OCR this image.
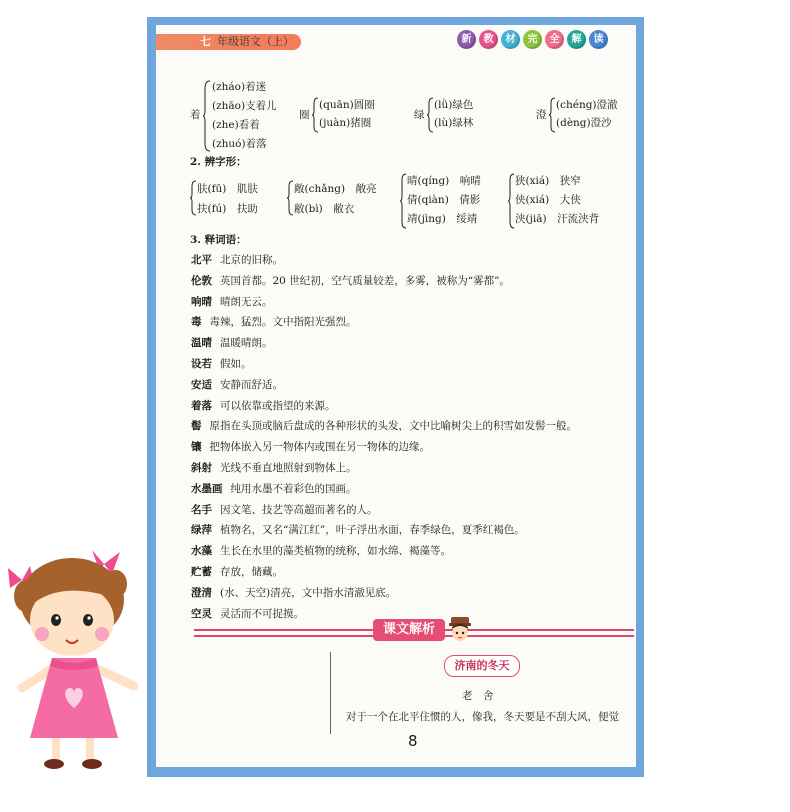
七 年级语文（上）	新	教	材	完	全	解	读
着
(zháo)着迷
(zhāo)支着儿
(zhe)看着
(zhuó)着落
圈
(quān)圆圈
(juàn)猪圈
绿
(lǜ)绿色
(lù)绿林
澄
(chéng)澄澈
(dèng)澄沙
2. 辨字形：
肤(fū)　肌肤
扶(fú)　扶助
敞(chǎng)　敞亮
敝(bì)　敝衣
晴(qíng)　响晴
倩(qiàn)　倩影
靖(jìng)　绥靖
狭(xiá)　狭窄
侠(xiá)　大侠
浃(jiā)　汗流浃背
3. 释词语：
北平 北京的旧称。
伦敦 英国首都。20 世纪初，空气质量较差，多雾，被称为“雾都”。
响晴 晴朗无云。
毒 毒辣，猛烈。文中指阳光强烈。
温晴 温暖晴朗。
设若 假如。
安适 安静而舒适。
着落 可以依靠或指望的来源。
髻 原指在头顶或脑后盘成的各种形状的头发，文中比喻树尖上的积雪如发髻一般。
镶 把物体嵌入另一物体内或围在另一物体的边缘。
斜射 光线不垂直地照射到物体上。
水墨画 纯用水墨不着彩色的国画。
名手 因文笔、技艺等高超而著名的人。
绿萍 植物名，又名“满江红”，叶子浮出水面，春季绿色，夏季红褐色。
水藻 生长在水里的藻类植物的统称，如水绵、褐藻等。
贮蓄 存放，储藏。
澄清 (水、天空)清亮，文中指水清澈见底。
空灵 灵活而不可捉摸。
课文解析
济南的冬天
老　舍
对于一个在北平住惯的人，像我，冬天要是不刮大风，便觉
8
